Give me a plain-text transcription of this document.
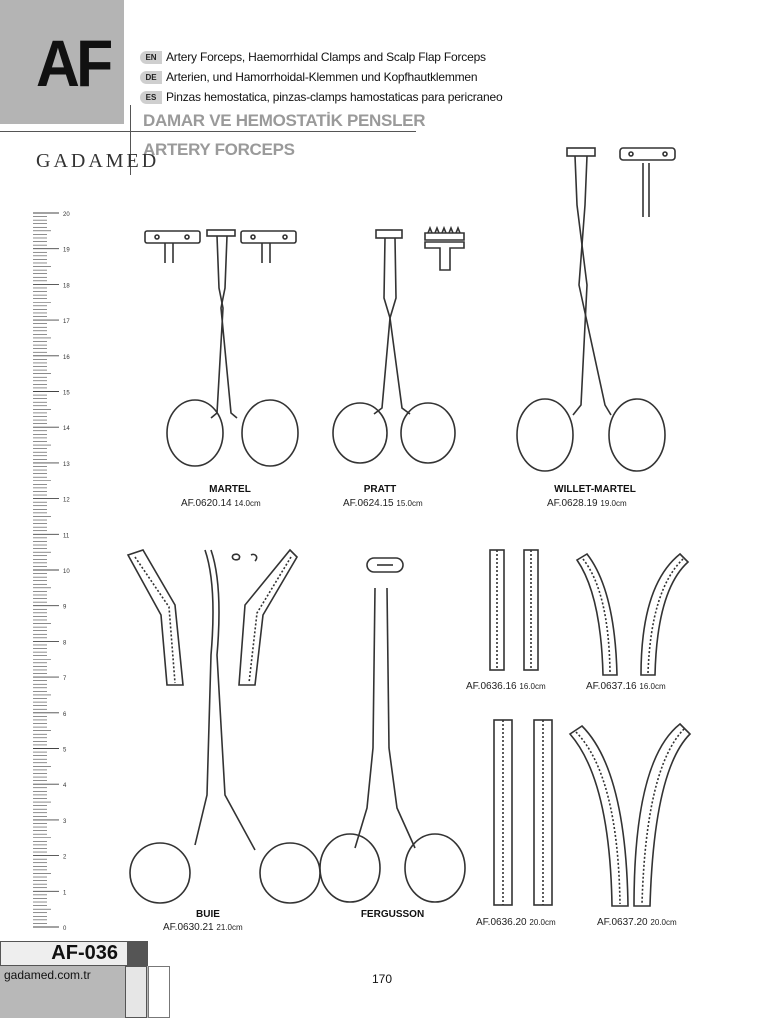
AF	EN Artery Forceps, Haemorrhidal Clamps and Scalp Flap Forceps
DE Arterien, und Hamorrhoidal-Klemmen und Kopfhautklemmen
ES Pinzas hemostatica, pinzas-clamps hamostaticas para pericraneo
DAMAR VE HEMOSTATİK PENSLER
ARTERY FORCEPS
GADAMED
20
19
18
17
16
15
14
13
12
11
10
9
8
7
6
5
4
3
2
1
0
MARTEL
AF.0620.14 14.0cm
PRATT
AF.0624.15 15.0cm
WILLET-MARTEL
AF.0628.19 19.0cm
BUIE
AF.0630.21 21.0cm
FERGUSSON
AF.0636.16 16.0cm	AF.0637.16 16.0cm
AF.0636.20 20.0cm	AF.0637.20 20.0cm
AF-036
gadamed.com.tr	170
